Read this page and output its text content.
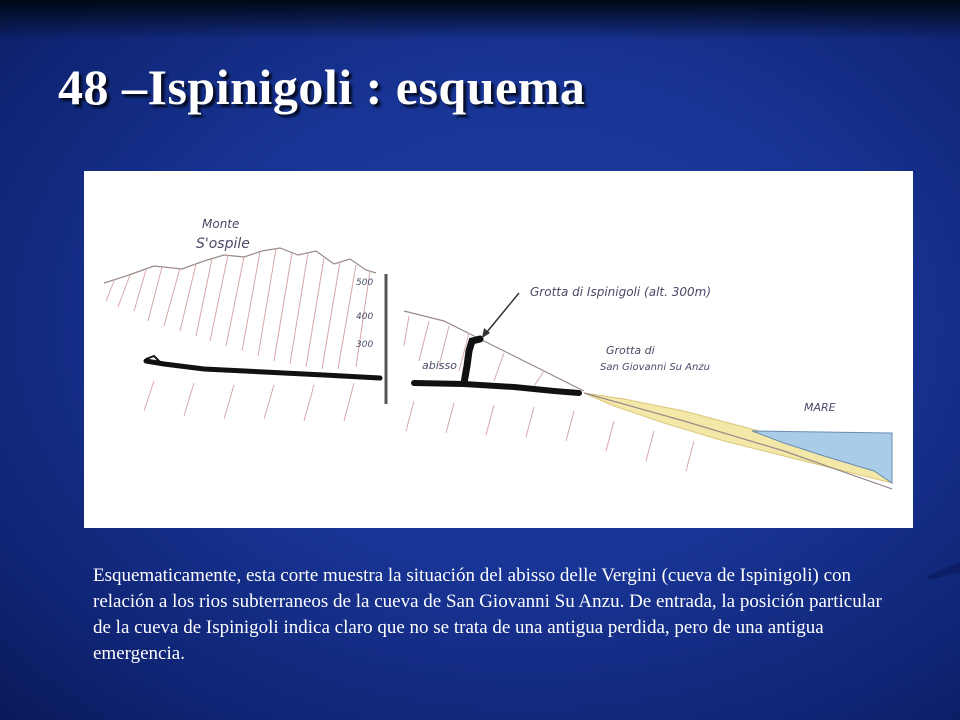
48 –Ispinigoli : esquema
Monte
S'ospile
500
400
300
Grotta di Ispinigoli (alt. 300m)
Grotta di
San Giovanni Su Anzu
abisso
MARE

Esquematicamente, esta corte muestra la situación del abisso delle Vergini (cueva de Ispinigoli) con relación a los rios subterraneos de la cueva de San Giovanni Su Anzu. De entrada, la posición particular de la cueva de Ispinigoli indica claro que no se trata de una antigua perdida, pero de una antigua emergencia.
